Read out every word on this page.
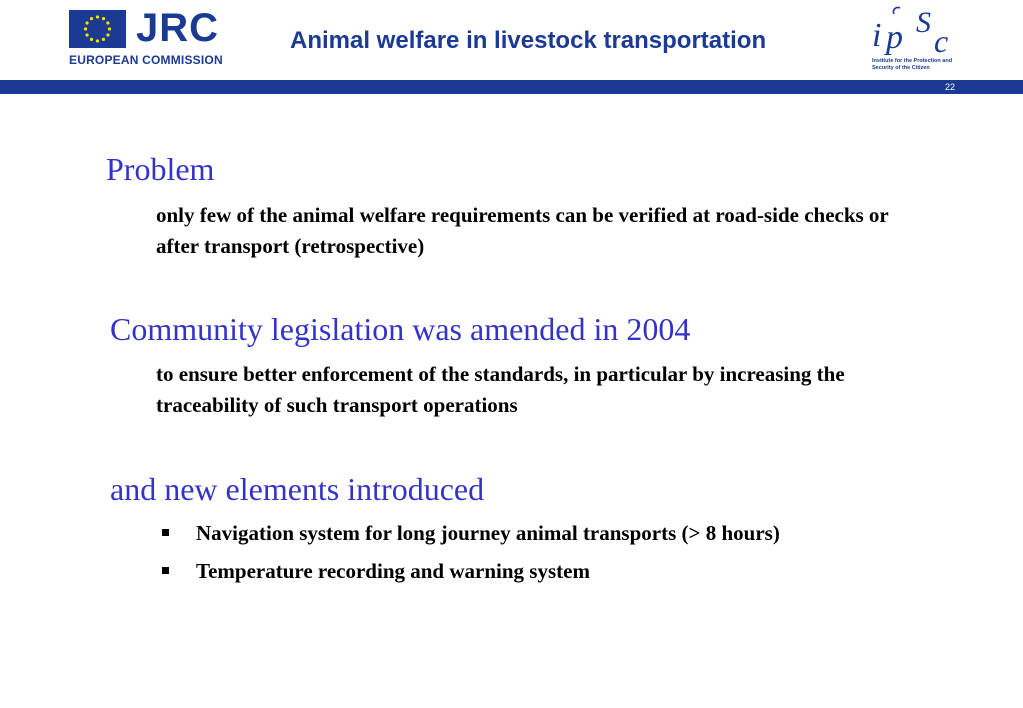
JRC
EUROPEAN COMMISSION
Animal welfare in livestock transportation	i p S
c
Institute for the Protection and Security of the Citizen
22
Problem
only few of the animal welfare requirements can be verified at road-side checks or after transport (retrospective)
Community legislation was amended in 2004
to ensure better enforcement of the standards, in particular by increasing the traceability of such transport operations
and new elements introduced
Navigation system for long journey animal transports (> 8 hours)
Temperature recording and warning system
